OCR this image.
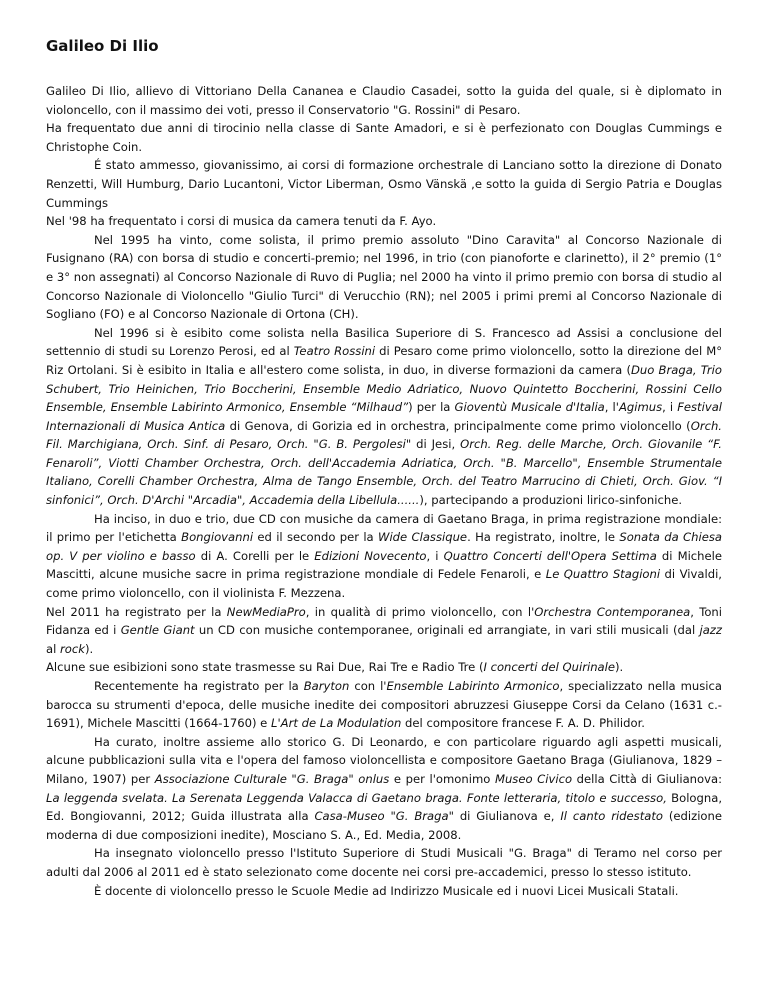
Galileo Di Ilio

Galileo Di Ilio, allievo di Vittoriano Della Cananea e Claudio Casadei, sotto la guida del quale, si è diplomato in violoncello, con il massimo dei voti, presso il Conservatorio "G. Rossini" di Pesaro.

Ha frequentato due anni di tirocinio nella classe di Sante Amadori, e si è perfezionato con Douglas Cummings e Christophe Coin.

É stato ammesso, giovanissimo, ai corsi di formazione orchestrale di Lanciano sotto la direzione di Donato Renzetti, Will Humburg, Dario Lucantoni, Victor Liberman, Osmo Vänskä ,e sotto la guida di Sergio Patria e Douglas Cummings

Nel '98 ha frequentato i corsi di musica da camera tenuti da F. Ayo.

Nel 1995 ha vinto, come solista, il primo premio assoluto "Dino Caravita" al Concorso Nazionale di Fusignano (RA) con borsa di studio e concerti-premio; nel 1996, in trio (con pianoforte e clarinetto), il 2° premio (1° e 3° non assegnati) al Concorso Nazionale di Ruvo di Puglia; nel 2000 ha vinto il primo premio con borsa di studio al Concorso Nazionale di Violoncello "Giulio Turci" di Verucchio (RN); nel 2005 i primi premi al Concorso Nazionale di Sogliano (FO) e al Concorso Nazionale di Ortona (CH).

Nel 1996 si è esibito come solista nella Basilica Superiore di S. Francesco ad Assisi a conclusione del settennio di studi su Lorenzo Perosi, ed al Teatro Rossini di Pesaro come primo violoncello, sotto la direzione del M° Riz Ortolani. Si è esibito in Italia e all'estero come solista, in duo, in diverse formazioni da camera (Duo Braga, Trio Schubert, Trio Heinichen, Trio Boccherini, Ensemble Medio Adriatico, Nuovo Quintetto Boccherini, Rossini Cello Ensemble, Ensemble Labirinto Armonico, Ensemble “Milhaud”) per la Gioventù Musicale d'Italia, l'Agimus, i Festival Internazionali di Musica Antica di Genova, di Gorizia ed in orchestra, principalmente come primo violoncello (Orch. Fil. Marchigiana, Orch. Sinf. di Pesaro, Orch. "G. B. Pergolesi" di Jesi, Orch. Reg. delle Marche, Orch. Giovanile “F. Fenaroli”, Viotti Chamber Orchestra, Orch. dell'Accademia Adriatica, Orch. "B. Marcello", Ensemble Strumentale Italiano, Corelli Chamber Orchestra, Alma de Tango Ensemble, Orch. del Teatro Marrucino di Chieti, Orch. Giov. “I sinfonici”, Orch. D'Archi "Arcadia", Accademia della Libellula......), partecipando a produzioni lirico-sinfoniche.

Ha inciso, in duo e trio, due CD con musiche da camera di Gaetano Braga, in prima registrazione mondiale: il primo per l'etichetta Bongiovanni ed il secondo per la Wide Classique. Ha registrato, inoltre, le Sonata da Chiesa op. V per violino e basso di A. Corelli per le Edizioni Novecento, i Quattro Concerti dell'Opera Settima di Michele Mascitti, alcune musiche sacre in prima registrazione mondiale di Fedele Fenaroli, e Le Quattro Stagioni di Vivaldi, come primo violoncello, con il violinista F. Mezzena.

Nel 2011 ha registrato per la NewMediaPro, in qualità di primo violoncello, con l'Orchestra Contemporanea, Toni Fidanza ed i Gentle Giant un CD con musiche contemporanee, originali ed arrangiate, in vari stili musicali (dal jazz al rock).

Alcune sue esibizioni sono state trasmesse su Rai Due, Rai Tre e Radio Tre (I concerti del Quirinale).

Recentemente ha registrato per la Baryton con l'Ensemble Labirinto Armonico, specializzato nella musica barocca su strumenti d'epoca, delle musiche inedite dei compositori abruzzesi Giuseppe Corsi da Celano (1631 c.- 1691), Michele Mascitti (1664-1760) e L'Art de La Modulation del compositore francese F. A. D. Philidor.

Ha curato, inoltre assieme allo storico G. Di Leonardo, e con particolare riguardo agli aspetti musicali, alcune pubblicazioni sulla vita e l'opera del famoso violoncellista e compositore Gaetano Braga (Giulianova, 1829 – Milano, 1907) per Associazione Culturale "G. Braga" onlus e per l'omonimo Museo Civico della Città di Giulianova: La leggenda svelata. La Serenata Leggenda Valacca di Gaetano braga. Fonte letteraria, titolo e successo, Bologna, Ed. Bongiovanni, 2012; Guida illustrata alla Casa-Museo "G. Braga" di Giulianova e, Il canto ridestato (edizione moderna di due composizioni inedite), Mosciano S. A., Ed. Media, 2008.

Ha insegnato violoncello presso l'Istituto Superiore di Studi Musicali "G. Braga" di Teramo nel corso per adulti dal 2006 al 2011 ed è stato selezionato come docente nei corsi pre-accademici, presso lo stesso istituto.

È docente di violoncello presso le Scuole Medie ad Indirizzo Musicale ed i nuovi Licei Musicali Statali.
